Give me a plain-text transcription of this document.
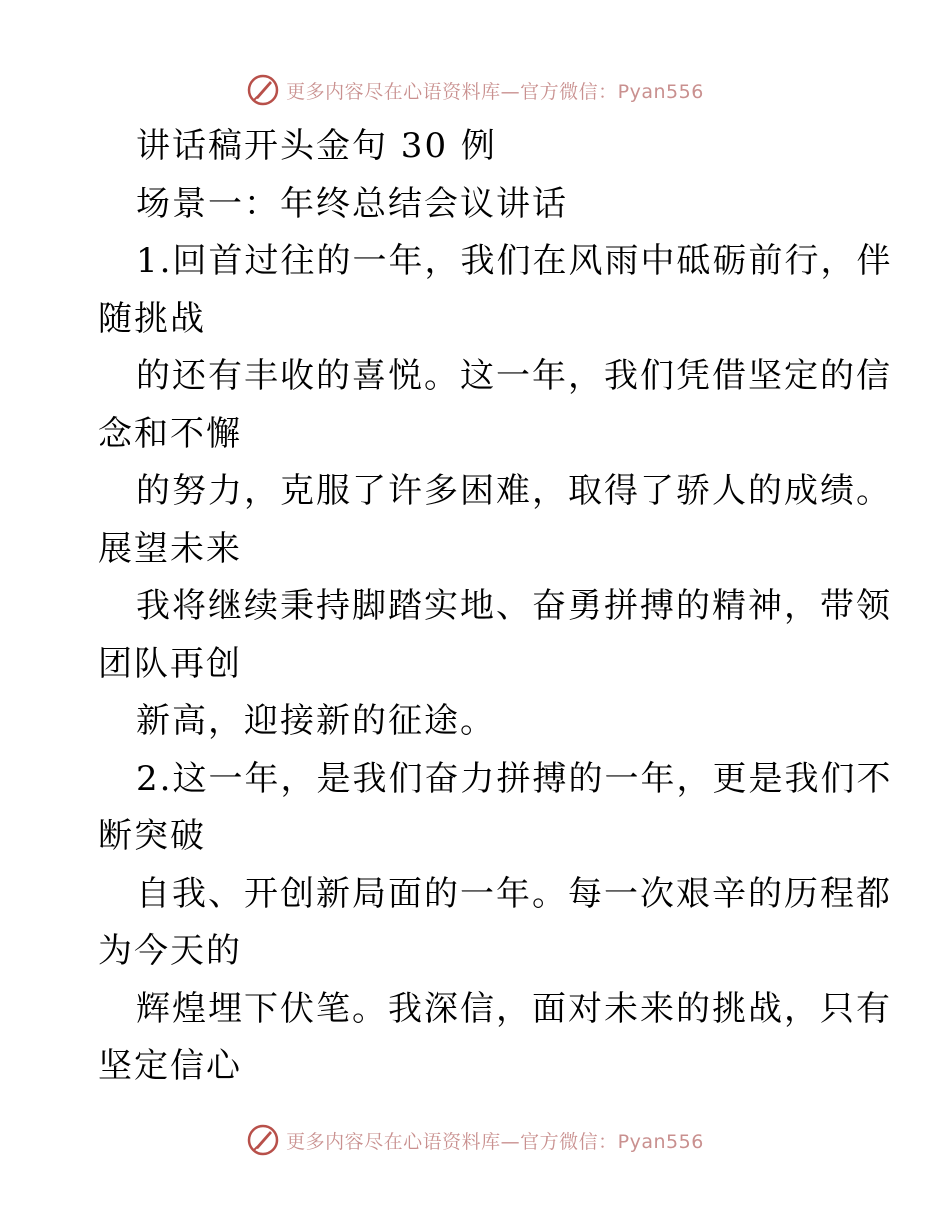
更多内容尽在心语资料库—官方微信：Pyan556
讲话稿开头金句 30 例
场景一：年终总结会议讲话
1.回首过往的一年，我们在风雨中砥砺前行，伴
随挑战
的还有丰收的喜悦。这一年，我们凭借坚定的信
念和不懈
的努力，克服了许多困难，取得了骄人的成绩。
展望未来
我将继续秉持脚踏实地、奋勇拼搏的精神，带领
团队再创
新高，迎接新的征途。
2.这一年，是我们奋力拼搏的一年，更是我们不
断突破
自我、开创新局面的一年。每一次艰辛的历程都
为今天的
辉煌埋下伏笔。我深信，面对未来的挑战，只有
坚定信心
更多内容尽在心语资料库—官方微信：Pyan556
